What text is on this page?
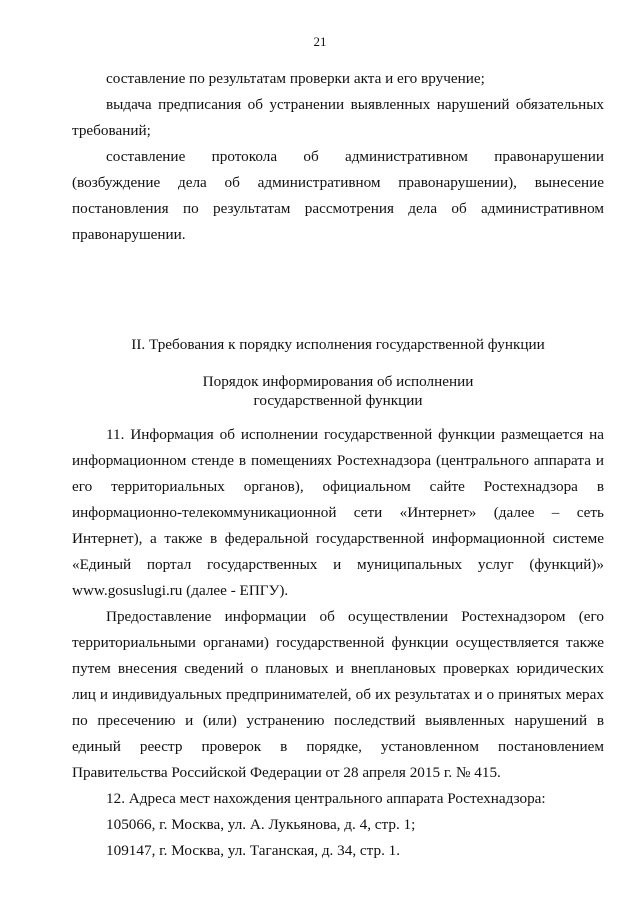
21

составление по результатам проверки акта и его вручение;

выдача предписания об устранении выявленных нарушений обязательных требований;

составление протокола об административном правонарушении (возбуждение дела об административном правонарушении), вынесение постановления по результатам рассмотрения дела об административном правонарушении.

II. Требования к порядку исполнения государственной функции

Порядок информирования об исполнении

государственной функции

11. Информация об исполнении государственной функции размещается на информационном стенде в помещениях Ростехнадзора (центрального аппарата и его территориальных органов), официальном сайте Ростехнадзора в информационно-телекоммуникационной сети «Интернет» (далее – сеть Интернет), а также в федеральной государственной информационной системе «Единый портал государственных и муниципальных услуг (функций)» www.gosuslugi.ru (далее - ЕПГУ).

Предоставление информации об осуществлении Ростехнадзором (его территориальными органами) государственной функции осуществляется также путем внесения сведений о плановых и внеплановых проверках юридических лиц и индивидуальных предпринимателей, об их результатах и о принятых мерах по пресечению и (или) устранению последствий выявленных нарушений в единый реестр проверок в порядке, установленном постановлением Правительства Российской Федерации от 28 апреля 2015 г. № 415.

12. Адреса мест нахождения центрального аппарата Ростехнадзора:

105066, г. Москва, ул. А. Лукьянова, д. 4, стр. 1;

109147, г. Москва, ул. Таганская, д. 34, стр. 1.
